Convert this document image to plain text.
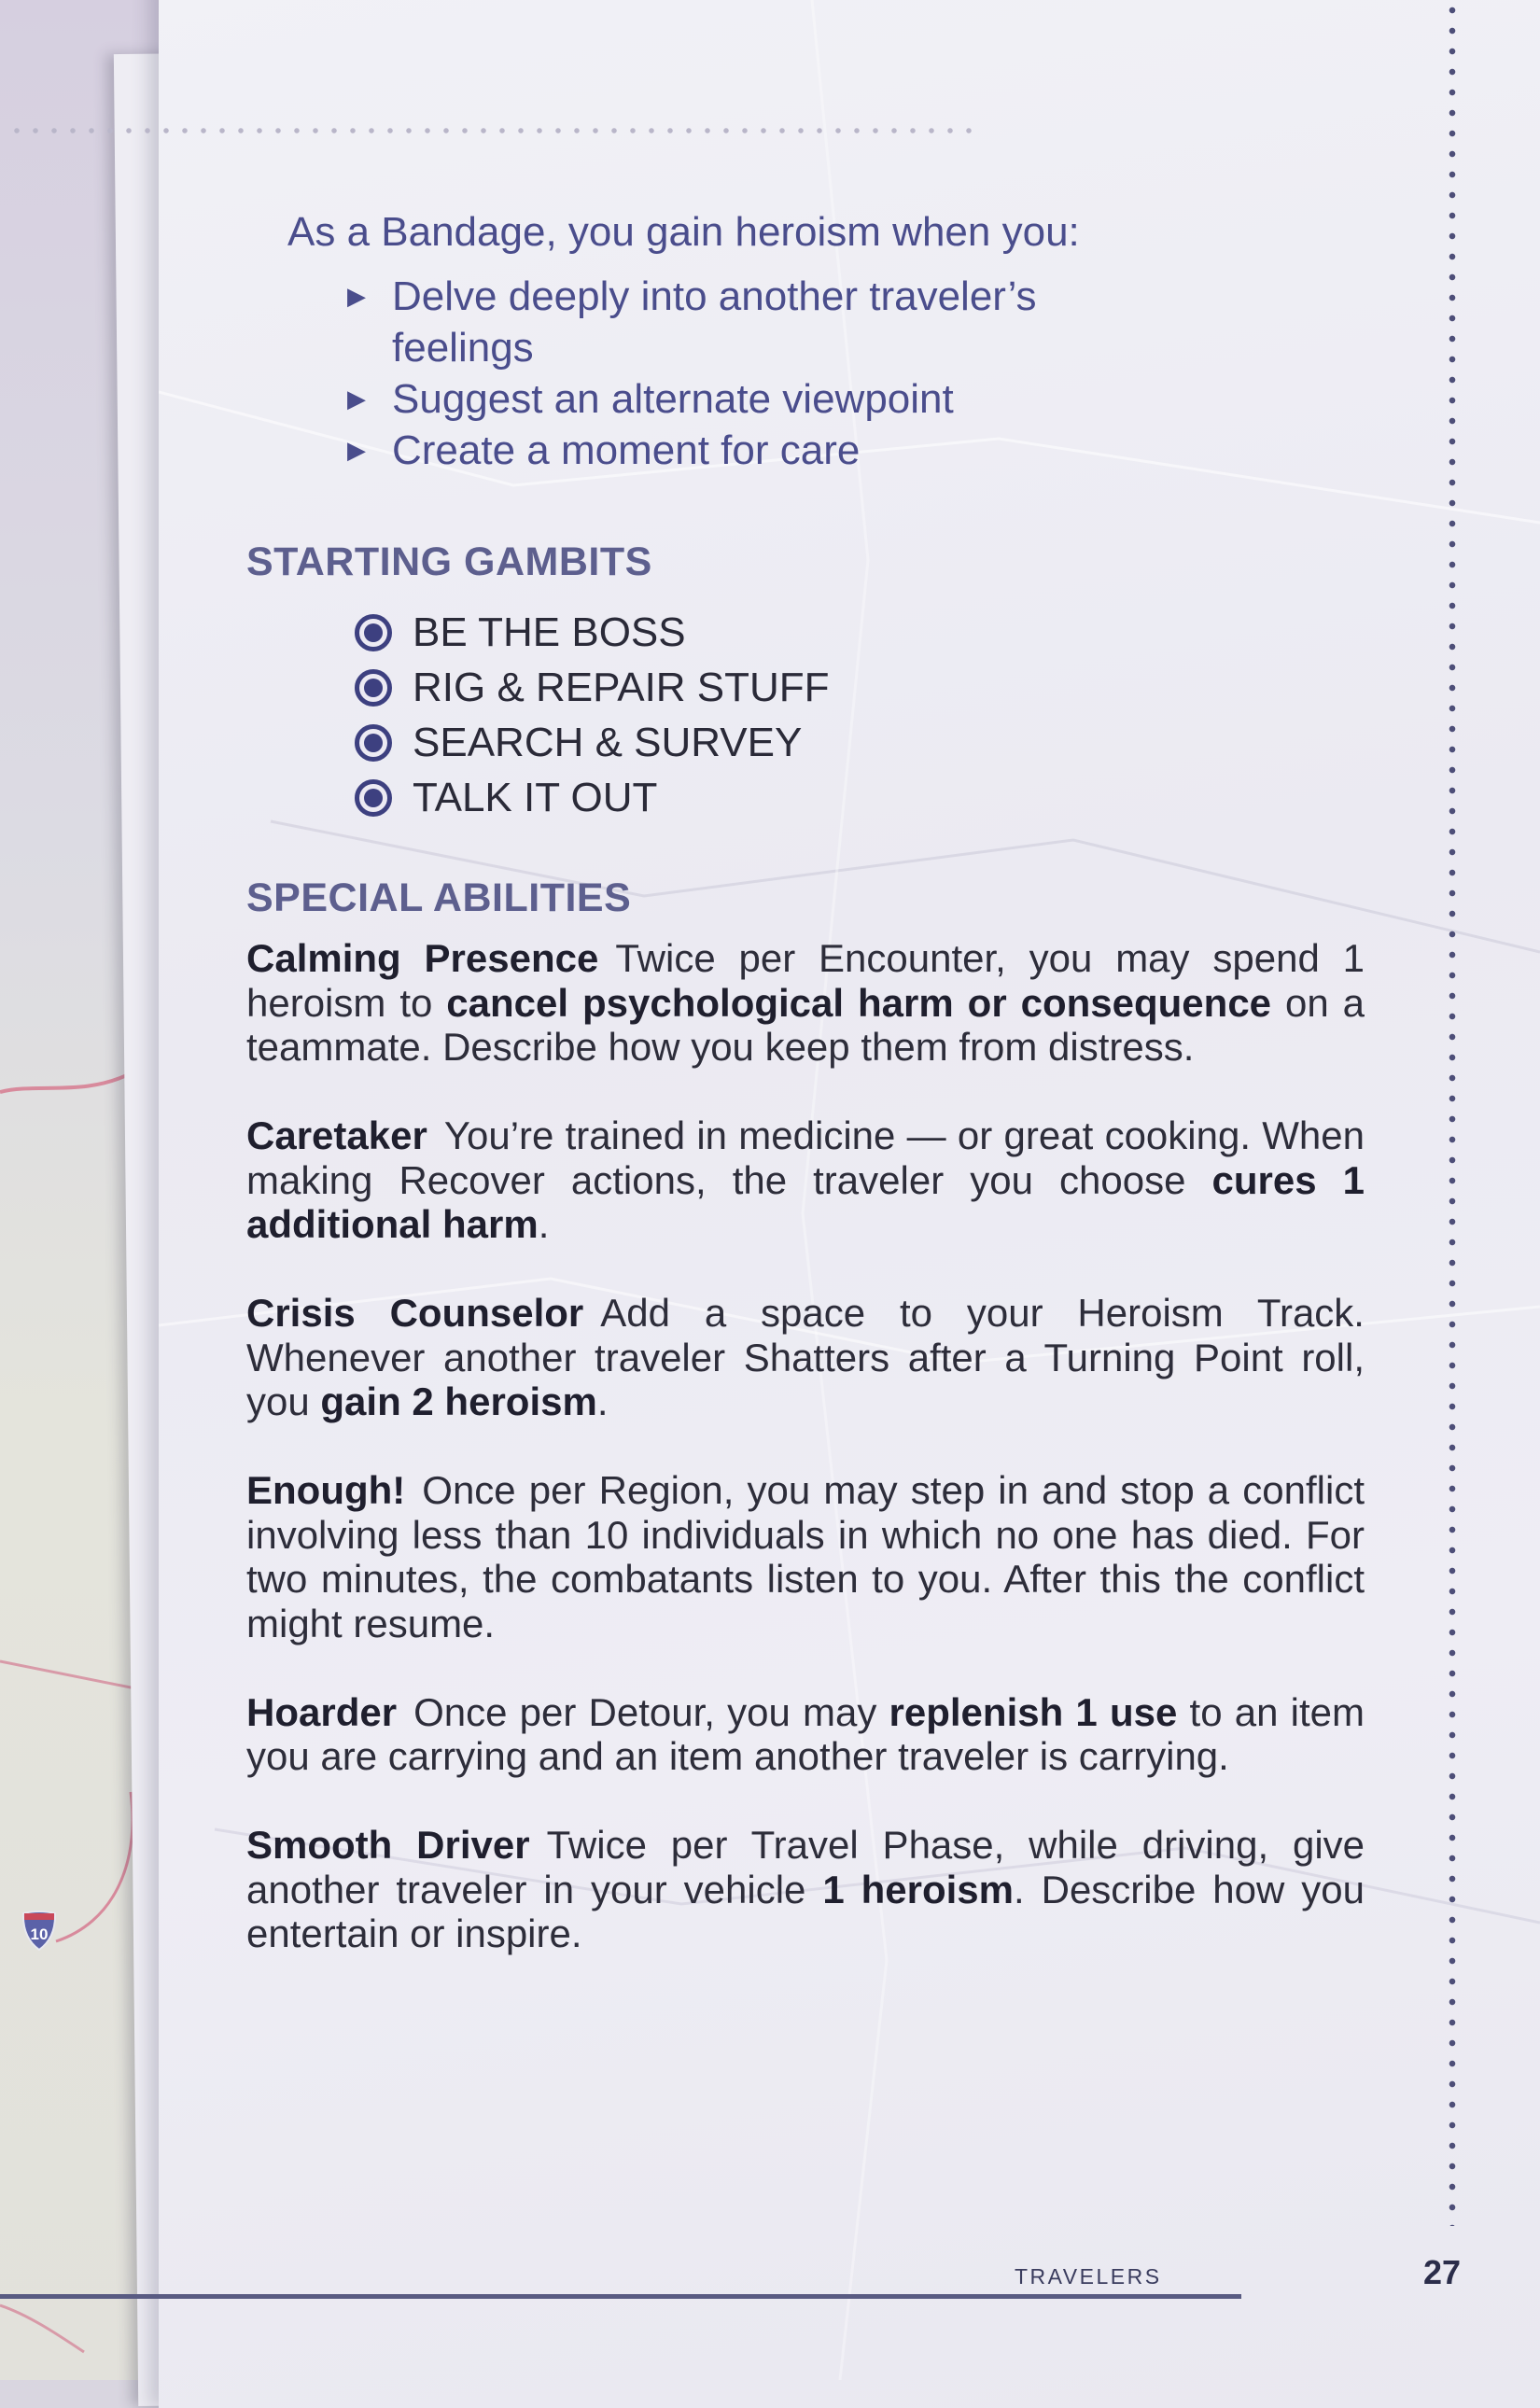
10
As a Bandage, you gain heroism when you:
▶ Delve deeply into another traveler’s feelings
▶ Suggest an alternate viewpoint
▶ Create a moment for care
STARTING GAMBITS
BE THE BOSS
RIG & REPAIR STUFF
SEARCH & SURVEY
TALK IT OUT
SPECIAL ABILITIES
Calming Presence Twice per Encounter, you may spend 1 heroism to cancel psychological harm or consequence on a teammate. Describe how you keep them from distress.
Caretaker You’re trained in medicine — or great cooking. When making Recover actions, the traveler you choose cures 1 additional harm.
Crisis Counselor Add a space to your Heroism Track. Whenever another traveler Shatters after a Turning Point roll, you gain 2 heroism.
Enough! Once per Region, you may step in and stop a conflict involving less than 10 individuals in which no one has died. For two minutes, the combatants listen to you. After this the conflict might resume.
Hoarder Once per Detour, you may replenish 1 use to an item you are carrying and an item another traveler is carrying.
Smooth Driver Twice per Travel Phase, while driving, give another traveler in your vehicle 1 heroism. Describe how you entertain or inspire.
TRAVELERS	27
